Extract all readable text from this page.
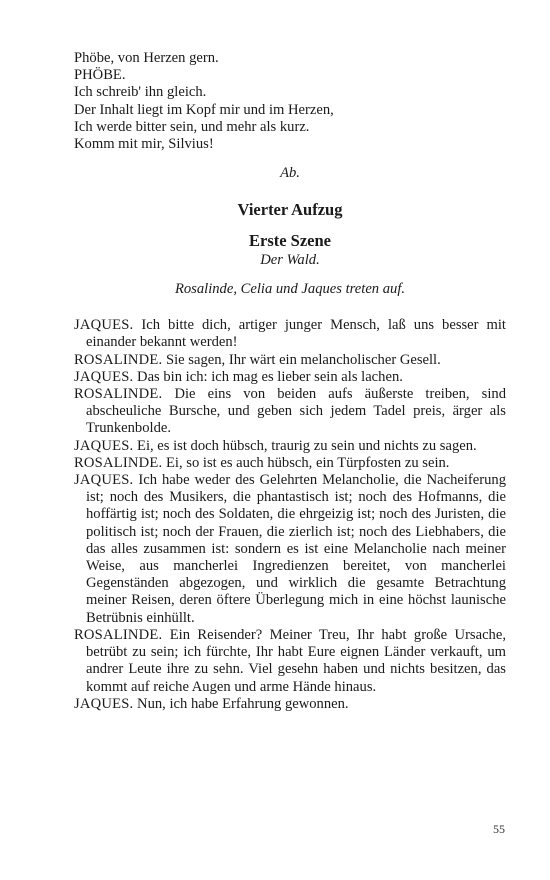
Phöbe, von Herzen gern.
PHÖBE.
Ich schreib' ihn gleich.
Der Inhalt liegt im Kopf mir und im Herzen,
Ich werde bitter sein, und mehr als kurz.
Komm mit mir, Silvius!
Ab.
Vierter Aufzug
Erste Szene
Der Wald.
Rosalinde, Celia und Jaques treten auf.
JAQUES. Ich bitte dich, artiger junger Mensch, laß uns besser mit einander bekannt werden!
ROSALINDE. Sie sagen, Ihr wärt ein melancholischer Gesell.
JAQUES. Das bin ich: ich mag es lieber sein als lachen.
ROSALINDE. Die eins von beiden aufs äußerste treiben, sind abscheuliche Bursche, und geben sich jedem Tadel preis, ärger als Trunkenbolde.
JAQUES. Ei, es ist doch hübsch, traurig zu sein und nichts zu sagen.
ROSALINDE. Ei, so ist es auch hübsch, ein Türpfosten zu sein.
JAQUES. Ich habe weder des Gelehrten Melancholie, die Nacheiferung ist; noch des Musikers, die phantastisch ist; noch des Hofmanns, die hoffärtig ist; noch des Soldaten, die ehrgeizig ist; noch des Juristen, die politisch ist; noch der Frauen, die zierlich ist; noch des Liebhabers, die das alles zusammen ist: sondern es ist eine Melancholie nach meiner Weise, aus mancherlei Ingredienzen bereitet, von mancherlei Gegenständen abgezogen, und wirklich die gesamte Betrachtung meiner Reisen, deren öftere Überlegung mich in eine höchst launische Betrübnis einhüllt.
ROSALINDE. Ein Reisender? Meiner Treu, Ihr habt große Ursache, betrübt zu sein; ich fürchte, Ihr habt Eure eignen Länder verkauft, um andrer Leute ihre zu sehn. Viel gesehn haben und nichts besitzen, das kommt auf reiche Augen und arme Hände hinaus.
JAQUES. Nun, ich habe Erfahrung gewonnen.
55
